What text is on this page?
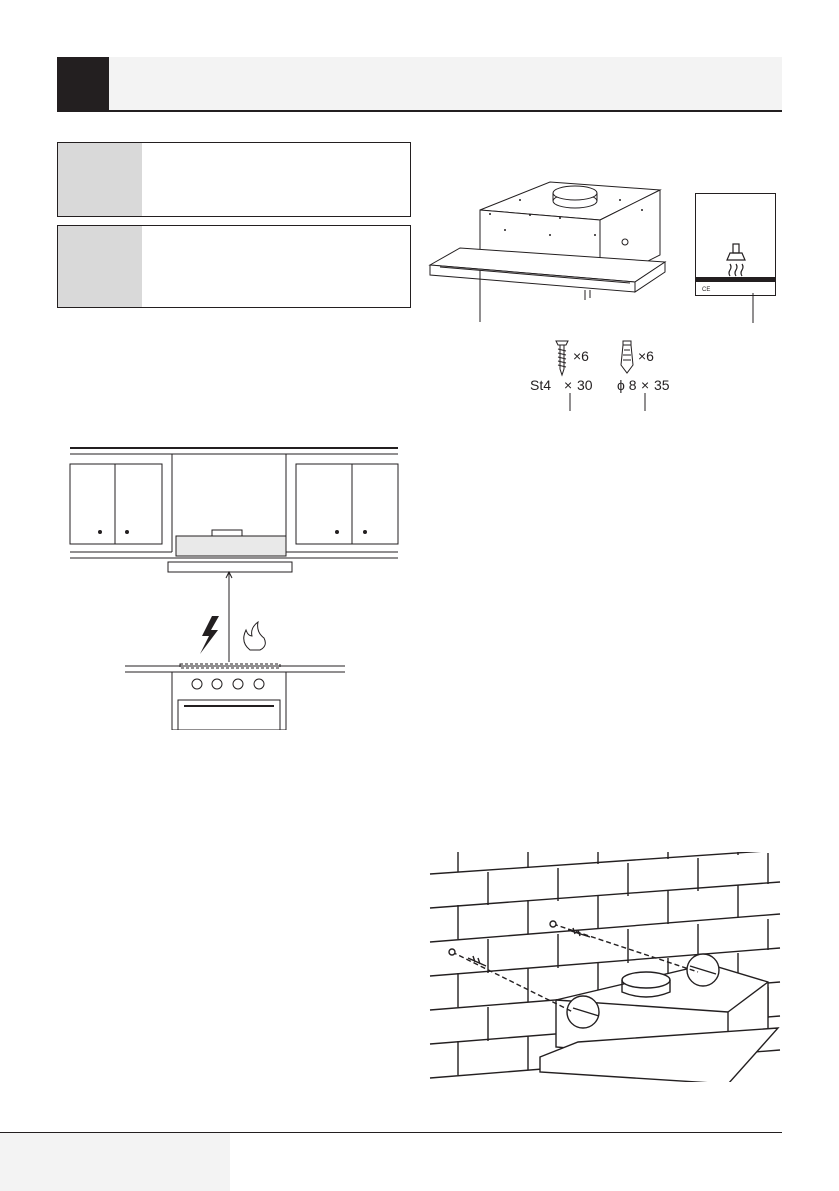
CE
×6
St4 × 30
×6
ϕ 8 × 35
